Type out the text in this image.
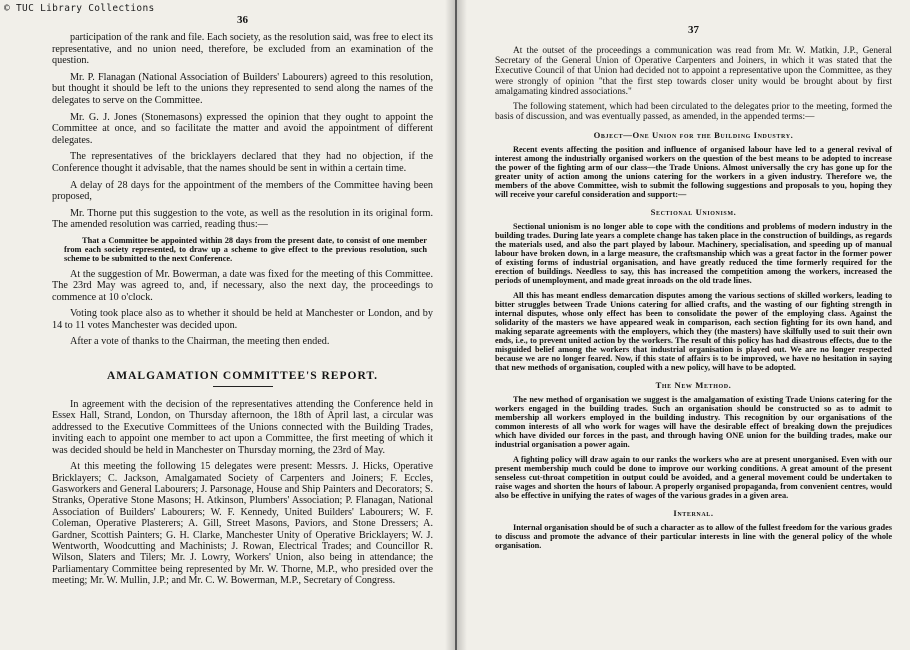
© TUC Library Collections
36

participation of the rank and file. Each society, as the resolution said, was free to elect its representative, and no union need, therefore, be excluded from an examination of the question.

Mr. P. Flanagan (National Association of Builders' Labourers) agreed to this resolution, but thought it should be left to the unions they represented to send along the names of the delegates to serve on the Committee.

Mr. G. J. Jones (Stonemasons) expressed the opinion that they ought to appoint the Committee at once, and so facilitate the matter and avoid the appointment of different delegates.

The representatives of the bricklayers declared that they had no objection, if the Conference thought it advisable, that the names should be sent in within a certain time.

A delay of 28 days for the appointment of the members of the Committee having been proposed,

Mr. Thorne put this suggestion to the vote, as well as the resolution in its original form. The amended resolution was carried, reading thus:—

That a Committee be appointed within 28 days from the present date, to consist of one member from each society represented, to draw up a scheme to give effect to the previous resolution, such scheme to be submitted to the next Conference.

At the suggestion of Mr. Bowerman, a date was fixed for the meeting of this Committee. The 23rd May was agreed to, and, if necessary, also the next day, the proceedings to commence at 10 o'clock.

Voting took place also as to whether it should be held at Manchester or London, and by 14 to 11 votes Manchester was decided upon.

After a vote of thanks to the Chairman, the meeting then ended.

AMALGAMATION COMMITTEE'S REPORT.

In agreement with the decision of the representatives attending the Conference held in Essex Hall, Strand, London, on Thursday afternoon, the 18th of April last, a circular was addressed to the Executive Committees of the Unions connected with the Building Trades, inviting each to appoint one member to act upon a Committee, the first meeting of which it was decided should be held in Manchester on Thursday morning, the 23rd of May.

At this meeting the following 15 delegates were present: Messrs. J. Hicks, Operative Bricklayers; C. Jackson, Amalgamated Society of Carpenters and Joiners; F. Eccles, Gasworkers and General Labourers; J. Parsonage, House and Ship Painters and Decorators; S. Stranks, Operative Stone Masons; H. Atkinson, Plumbers' Association; P. Flanagan, National Association of Builders' Labourers; W. F. Kennedy, United Builders' Labourers; W. F. Coleman, Operative Plasterers; A. Gill, Street Masons, Paviors, and Stone Dressers; A. Gardner, Scottish Painters; G. H. Clarke, Manchester Unity of Operative Bricklayers; W. J. Wentworth, Woodcutting and Machinists; J. Rowan, Electrical Trades; and Councillor R. Wilson, Slaters and Tilers; Mr. J. Lowry, Workers' Union, also being in attendance; the Parliamentary Committee being represented by Mr. W. Thorne, M.P., who presided over the meeting; Mr. W. Mullin, J.P.; and Mr. C. W. Bowerman, M.P., Secretary of Congress.

37

At the outset of the proceedings a communication was read from Mr. W. Matkin, J.P., General Secretary of the General Union of Operative Carpenters and Joiners, in which it was stated that the Executive Council of that Union had decided not to appoint a representative upon the Committee, as they were strongly of opinion "that the first step towards closer unity would be brought about by first amalgamating kindred associations."

The following statement, which had been circulated to the delegates prior to the meeting, formed the basis of discussion, and was eventually passed, as amended, in the appended terms:—

Object—One Union for the Building Industry.

Recent events affecting the position and influence of organised labour have led to a general revival of interest among the industrially organised workers on the question of the best means to be adopted to increase the power of the fighting arm of our class—the Trade Unions. Almost universally the cry has gone up for the greater unity of action among the unions catering for the workers in a given industry. Therefore we, the members of the above Committee, wish to submit the following suggestions and proposals to you, hoping they will receive your careful consideration and support:—

Sectional Unionism.

Sectional unionism is no longer able to cope with the conditions and problems of modern industry in the building trades. During late years a complete change has taken place in the construction of buildings, as regards the materials used, and also the part played by labour. Machinery, specialisation, and speeding up of manual labour have broken down, in a large measure, the craftsmanship which was a great factor in the former power of existing forms of industrial organisation, and have greatly reduced the time formerly required for the erection of buildings. Needless to say, this has increased the competition among the workers, increased the periods of unemployment, and made great inroads on the old trade lines.

All this has meant endless demarcation disputes among the various sections of skilled workers, leading to bitter struggles between Trade Unions catering for allied crafts, and the wasting of our fighting strength in internal disputes, whose only effect has been to consolidate the power of the employing class. Against the solidarity of the masters we have appeared weak in comparison, each section fighting for its own hand, and making separate agreements with the employers, which they (the masters) have skilfully used to suit their own ends, i.e., to prevent united action by the workers. The result of this policy has had disastrous effects, due to the misguided belief among the workers that industrial organisation is played out. We are no longer respected because we are no longer feared. Now, if this state of affairs is to be improved, we have no hesitation in saying that new methods of organisation, coupled with a new policy, will have to be adopted.

The New Method.

The new method of organisation we suggest is the amalgamation of existing Trade Unions catering for the workers engaged in the building trades. Such an organisation should be constructed so as to admit to membership all workers employed in the building industry. This recognition by our organisations of the common interests of all who work for wages will have the desirable effect of breaking down the prejudices which have divided our forces in the past, and through having ONE union for the building trades, make our industrial organisation a power again.

A fighting policy will draw again to our ranks the workers who are at present unorganised. Even with our present membership much could be done to improve our working conditions. A great amount of the present senseless cut-throat competition in output could be avoided, and a general movement could be undertaken to raise wages and shorten the hours of labour. A properly organised propaganda, from convenient centres, would also be effective in unifying the rates of wages of the various grades in a given area.

Internal.

Internal organisation should be of such a character as to allow of the fullest freedom for the various grades to discuss and promote the advance of their particular interests in line with the general policy of the whole organisation.
